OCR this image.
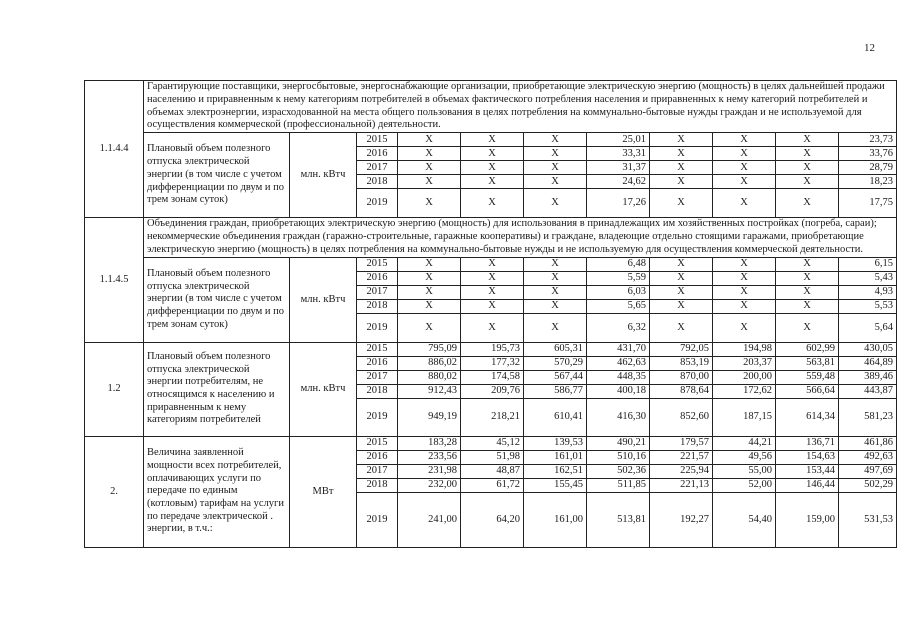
12
1.1.4.4	Гарантирующие поставщики, энергосбытовые, энергоснабжающие организации, приобретающие электрическую энергию (мощность) в целях дальнейшей продажи населению и приравненным к нему категориям потребителей в объемах фактического потребления населения и приравненных к нему категорий потребителей и объемах электроэнергии, израсходованной на места общего пользования в целях потребления на коммунально-бытовые нужды граждан и не используемой для осуществления коммерческой (профессиональной) деятельности.										
	Плановый объем полезного отпуска электрической энергии (в том числе с учетом дифференциации по двум и по трем зонам суток)	млн. кВтч	2015	X	X	X	25,01	X	X	X	23,73
			2016	X	X	X	33,31	X	X	X	33,76
			2017	X	X	X	31,37	X	X	X	28,79
			2018	X	X	X	24,62	X	X	X	18,23
			2019	X	X	X	17,26	X	X	X	17,75
1.1.4.5	Объединения граждан, приобретающих электрическую энергию (мощность) для использования в принадлежащих им хозяйственных постройках (погреба, сараи); некоммерческие объединения граждан (гаражно-строительные, гаражные кооперативы) и граждане, владеющие отдельно стоящими гаражами, приобретающие электрическую энергию (мощность) в целях потребления на коммунально-бытовые нужды и не используемую для осуществления коммерческой деятельности.										
	Плановый объем полезного отпуска электрической энергии (в том числе с учетом дифференциации по двум и по трем зонам суток)	млн. кВтч	2015	X	X	X	6,48	X	X	X	6,15
			2016	X	X	X	5,59	X	X	X	5,43
			2017	X	X	X	6,03	X	X	X	4,93
			2018	X	X	X	5,65	X	X	X	5,53
			2019	X	X	X	6,32	X	X	X	5,64
1.2	Плановый объем полезного отпуска электрической энергии потребителям, не относящимся к населению и приравненным к нему категориям потребителей	млн. кВтч	2015	795,09	195,73	605,31	431,70	792,05	194,98	602,99	430,05
			2016	886,02	177,32	570,29	462,63	853,19	203,37	563,81	464,89
			2017	880,02	174,58	567,44	448,35	870,00	200,00	559,48	389,46
			2018	912,43	209,76	586,77	400,18	878,64	172,62	566,64	443,87
			2019	949,19	218,21	610,41	416,30	852,60	187,15	614,34	581,23
2.	Величина заявленной мощности всех потребителей, оплачивающих услуги по передаче по единым (котловым) тарифам на услуги по передаче электрической . энергии, в т.ч.:	МВт	2015	183,28	45,12	139,53	490,21	179,57	44,21	136,71	461,86
			2016	233,56	51,98	161,01	510,16	221,57	49,56	154,63	492,63
			2017	231,98	48,87	162,51	502,36	225,94	55,00	153,44	497,69
			2018	232,00	61,72	155,45	511,85	221,13	52,00	146,44	502,29
			2019	241,00	64,20	161,00	513,81	192,27	54,40	159,00	531,53
